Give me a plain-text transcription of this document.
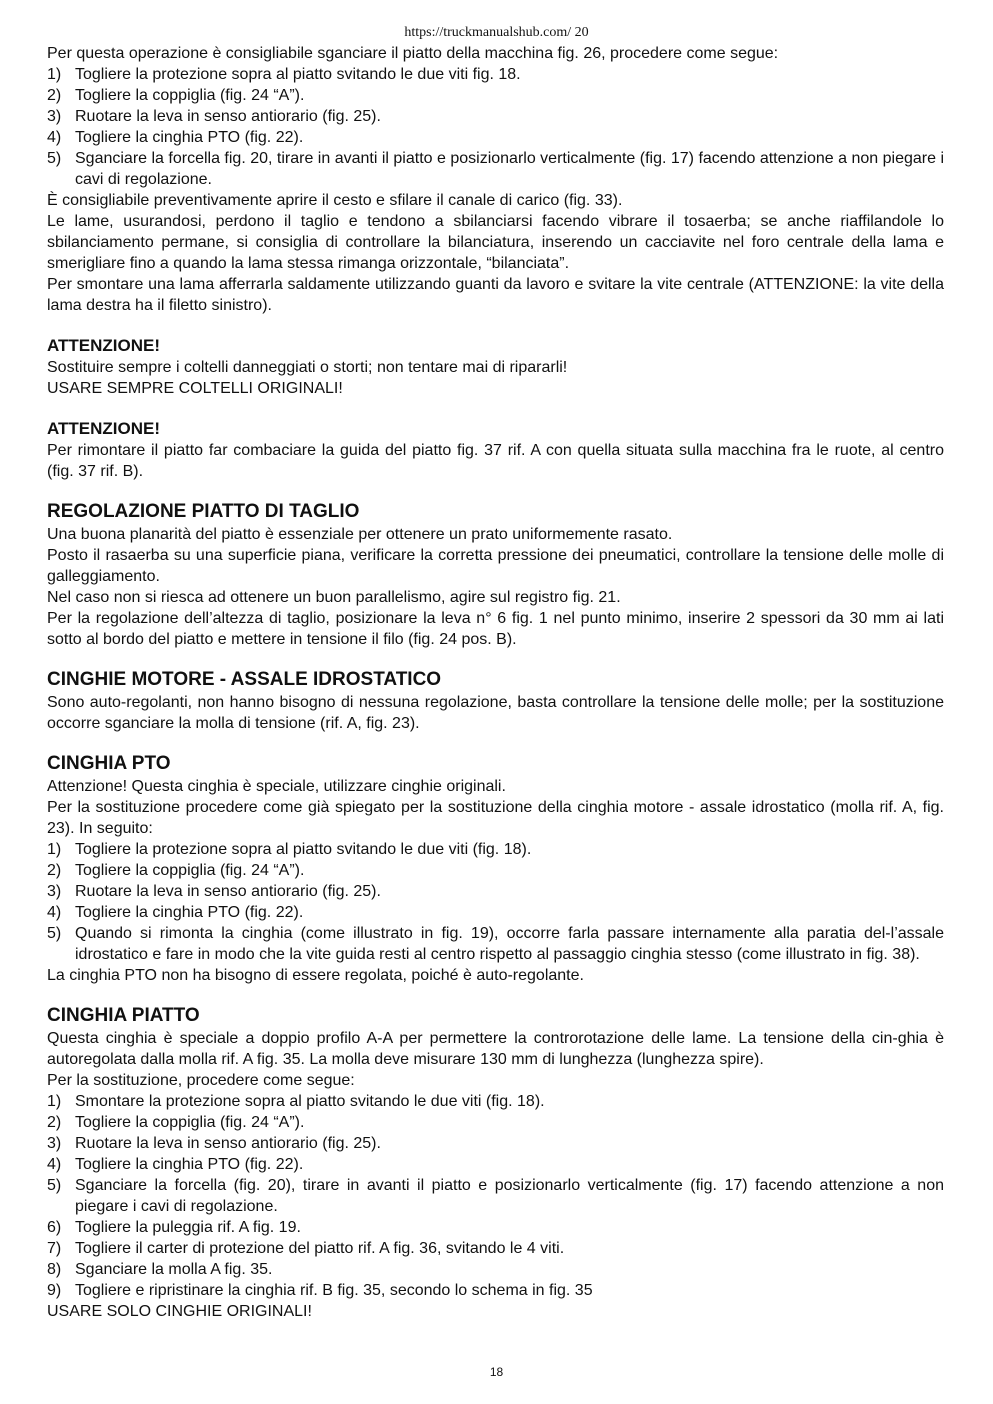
https://truckmanualshub.com/ 20

Per questa operazione è consigliabile sganciare il piatto della macchina fig. 26, procedere come segue:

1) Togliere la protezione sopra al piatto svitando le due viti fig. 18.
2) Togliere la coppiglia (fig. 24 “A”).
3) Ruotare la leva in senso antiorario (fig. 25).
4) Togliere la cinghia PTO (fig. 22).
5) Sganciare la forcella fig. 20, tirare in avanti il piatto e posizionarlo verticalmente (fig. 17) facendo attenzione a non piegare i cavi di regolazione.

È consigliabile preventivamente aprire il cesto e sfilare il canale di carico (fig. 33).

Le lame, usurandosi, perdono il taglio e tendono a sbilanciarsi facendo vibrare il tosaerba; se anche riaffilandole lo sbilanciamento permane, si consiglia di controllare la bilanciatura, inserendo un cacciavite nel foro centrale della lama e smerigliare fino a quando la lama stessa rimanga orizzontale, “bilanciata”.

Per smontare una lama afferrarla saldamente utilizzando guanti da lavoro e svitare la vite centrale (ATTENZIONE: la vite della lama destra ha il filetto sinistro).

ATTENZIONE!

Sostituire sempre i coltelli danneggiati o storti; non tentare mai di ripararli!

USARE SEMPRE COLTELLI ORIGINALI!

ATTENZIONE!

Per rimontare il piatto far combaciare la guida del piatto fig. 37 rif. A con quella situata sulla macchina fra le ruote, al centro (fig. 37 rif. B).

REGOLAZIONE PIATTO DI TAGLIO

Una buona planarità del piatto è essenziale per ottenere un prato uniformemente rasato.

Posto il rasaerba su una superficie piana, verificare la corretta pressione dei pneumatici, controllare la tensione delle molle di galleggiamento.

Nel caso non si riesca ad ottenere un buon parallelismo, agire sul registro fig. 21.

Per la regolazione dell’altezza di taglio, posizionare la leva n° 6 fig. 1 nel punto minimo, inserire 2 spessori da 30 mm ai lati sotto al bordo del piatto e mettere in tensione il filo (fig. 24 pos. B).

CINGHIE MOTORE - ASSALE IDROSTATICO

Sono auto-regolanti, non hanno bisogno di nessuna regolazione, basta controllare la tensione delle molle; per la sostituzione occorre sganciare la molla di tensione (rif. A, fig. 23).

CINGHIA PTO

Attenzione! Questa cinghia è speciale, utilizzare cinghie originali.

Per la sostituzione procedere come già spiegato per la sostituzione della cinghia motore - assale idrostatico (molla rif. A, fig. 23). In seguito:

1) Togliere la protezione sopra al piatto svitando le due viti (fig. 18).
2) Togliere la coppiglia (fig. 24 “A”).
3) Ruotare la leva in senso antiorario (fig. 25).
4) Togliere la cinghia PTO (fig. 22).
5) Quando si rimonta la cinghia (come illustrato in fig. 19), occorre farla passare internamente alla paratia del-l’assale idrostatico e fare in modo che la vite guida resti al centro rispetto al passaggio cinghia stesso (come illustrato in fig. 38).

La cinghia PTO non ha bisogno di essere regolata, poiché è auto-regolante.

CINGHIA PIATTO

Questa cinghia è speciale a doppio profilo A-A per permettere la controrotazione delle lame. La tensione della cin-ghia è autoregolata dalla molla rif. A fig. 35. La molla deve misurare 130 mm di lunghezza (lunghezza spire).

Per la sostituzione, procedere come segue:

1) Smontare la protezione sopra al piatto svitando le due viti (fig. 18).
2) Togliere la coppiglia (fig. 24 “A”).
3) Ruotare la leva in senso antiorario (fig. 25).
4) Togliere la cinghia PTO (fig. 22).
5) Sganciare la forcella (fig. 20), tirare in avanti il piatto e posizionarlo verticalmente (fig. 17) facendo attenzione a non piegare i cavi di regolazione.
6) Togliere la puleggia rif. A fig. 19.
7) Togliere il carter di protezione del piatto rif. A fig. 36, svitando le 4 viti.
8) Sganciare la molla A fig. 35.
9) Togliere e ripristinare la cinghia rif. B fig. 35, secondo lo schema in fig. 35

USARE SOLO CINGHIE ORIGINALI!

18
